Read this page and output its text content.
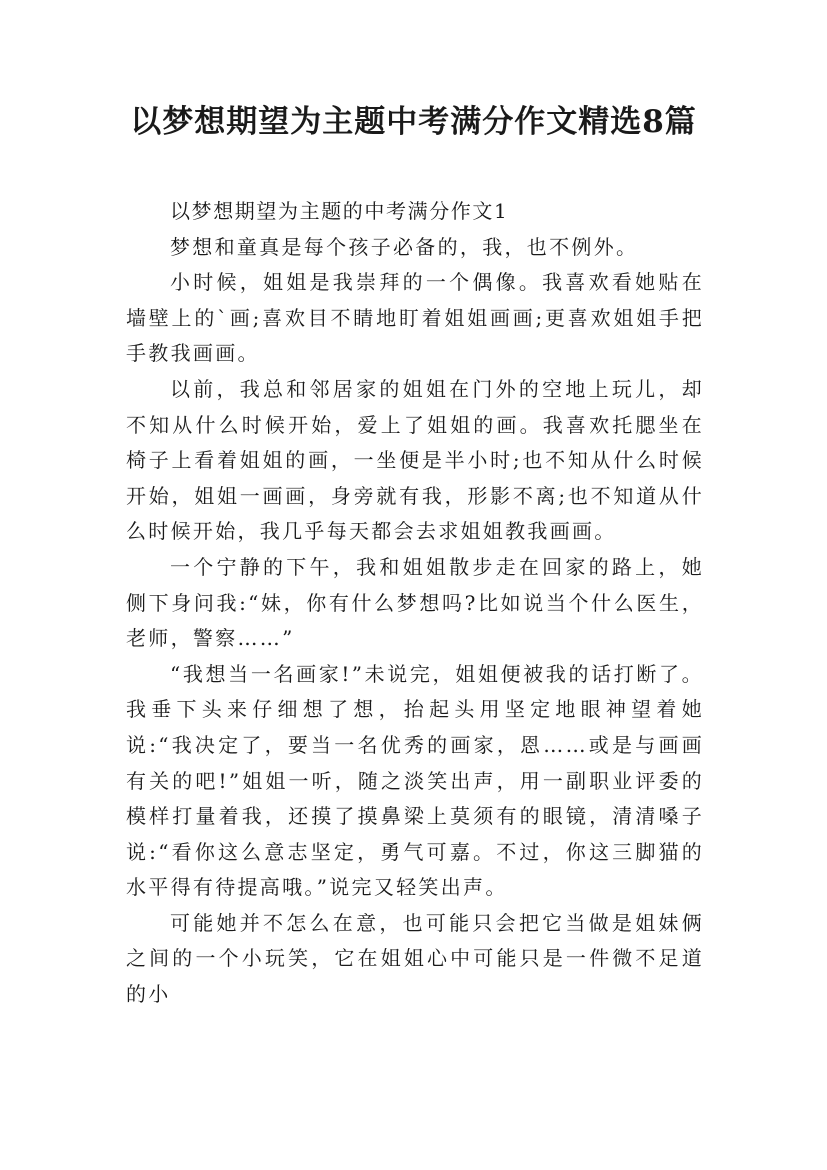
以梦想期望为主题中考满分作文精选8篇

以梦想期望为主题的中考满分作文1

梦想和童真是每个孩子必备的，我，也不例外。

小时候，姐姐是我崇拜的一个偶像。我喜欢看她贴在墙壁上的`画;喜欢目不睛地盯着姐姐画画;更喜欢姐姐手把手教我画画。

以前，我总和邻居家的姐姐在门外的空地上玩儿，却不知从什么时候开始，爱上了姐姐的画。我喜欢托腮坐在椅子上看着姐姐的画，一坐便是半小时;也不知从什么时候开始，姐姐一画画，身旁就有我，形影不离;也不知道从什么时候开始，我几乎每天都会去求姐姐教我画画。

一个宁静的下午，我和姐姐散步走在回家的路上，她侧下身问我:“妹，你有什么梦想吗?比如说当个什么医生，老师，警察……”

“我想当一名画家!”未说完，姐姐便被我的话打断了。我垂下头来仔细想了想，抬起头用坚定地眼神望着她说:“我决定了，要当一名优秀的画家，恩……或是与画画有关的吧!”姐姐一听，随之淡笑出声，用一副职业评委的模样打量着我，还摸了摸鼻梁上莫须有的眼镜，清清嗓子说:“看你这么意志坚定，勇气可嘉。不过，你这三脚猫的水平得有待提高哦。”说完又轻笑出声。

可能她并不怎么在意，也可能只会把它当做是姐妹俩之间的一个小玩笑，它在姐姐心中可能只是一件微不足道的小
